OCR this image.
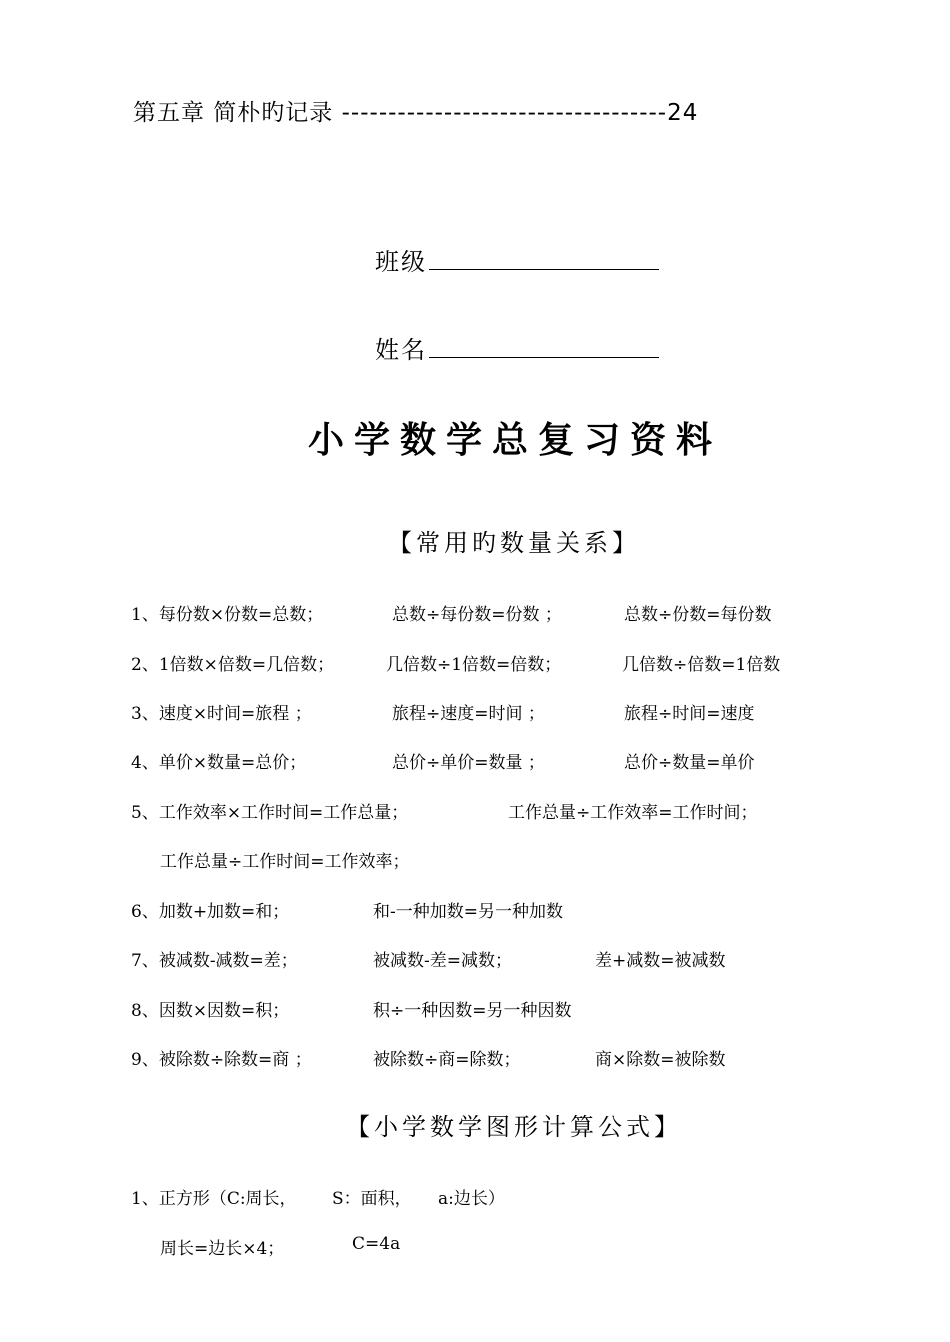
第五章 简朴旳记录 -----------------------------------24
班级
姓名
小学数学总复习资料
【常用旳数量关系】
1、每份数×份数=总数；	总数÷每份数=份数 ；	总数÷份数=每份数
2、1倍数×倍数=几倍数；	几倍数÷1倍数=倍数；	几倍数÷倍数=1倍数
3、速度×时间=旅程 ；	旅程÷速度=时间 ；	旅程÷时间=速度
4、单价×数量=总价；	总价÷单价=数量 ；	总价÷数量=单价
5、工作效率×工作时间=工作总量；	工作总量÷工作效率=工作时间；
工作总量÷工作时间=工作效率；
6、加数+加数=和；	和-一种加数=另一种加数
7、被减数-减数=差；	被减数-差=减数；	差+减数=被减数
8、因数×因数=积；	积÷一种因数=另一种因数
9、被除数÷除数=商 ；	被除数÷商=除数；	商×除数=被除数
【小学数学图形计算公式】
1、正方形（C:周长， S：面积， a:边长）
周长=边长×4；	C=4a
